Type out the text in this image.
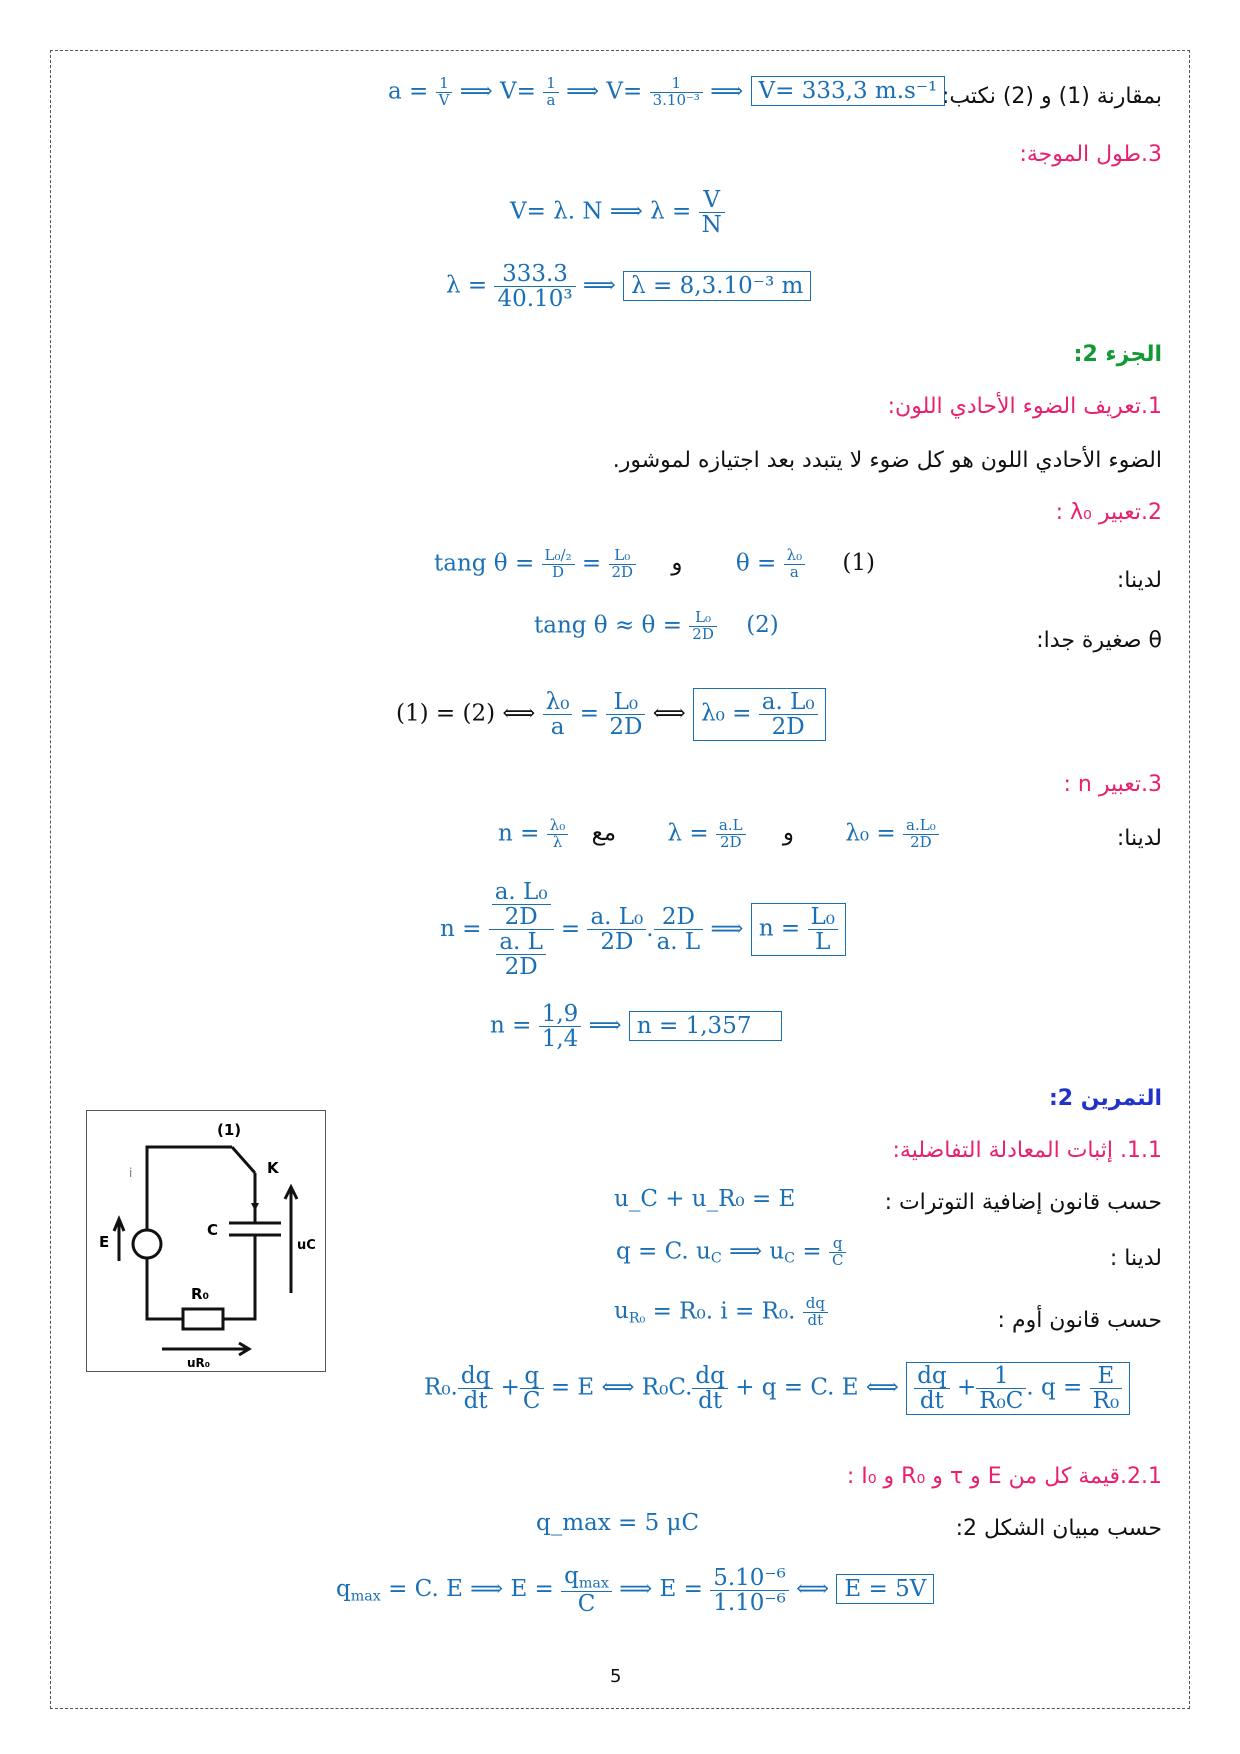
بمقارنة (1) و (2) نكتب:
$a = \frac{1}{V}$ ⟹ $V= \frac{1}{a}$ ⟹ $V= \frac{1}{\text{3.10⁻³}}$ ⟹ V= 333,3 m.s⁻¹
3.طول الموجة:
V= λ. N ⟹ $\lambda = \frac{V}{N}$
$\lambda = \frac{333.3}{\text{40.10³}}$ ⟹ λ = 8,3.10⁻³ m
الجزء 2:
1.تعريف الضوء الأحادي اللون:
الضوء الأحادي اللون هو كل ضوء لا يتبدد بعد اجتيازه لموشور.
2.تعبير λ₀ :
لدينا:
tang $\theta = \frac{\text{L₀/₂}}{D} = \frac{\text{L₀}}{2D}$ و $\theta = \frac{\text{λ₀}}{a} (1)$
θ صغيرة جدا:
tang $\theta \approx \theta = \frac{\text{L₀}}{2D} (2)$
(1) = (2) ⟺ $\frac{\text{λ₀}}{a} = \frac{\text{L₀}}{2D}$ ⟺ $\lambda_0 = \frac{\text{a. L₀}}{2D}$
3.تعبير n :
لدينا:
$n = \frac{\text{λ₀}}{\lambda}$ مع $\lambda = \frac{a.L}{2D}$ و $\lambda_0 = \frac{\text{a.L₀}}{2D}$
$n = \frac{\frac{\text{a. L₀}}{2D}}{\frac{a. L}{2D}} = \frac{\text{a. L₀}}{2D}$ . $\frac{2D}{a. L}$ ⟹ $n = \frac{\text{L₀}}{L}$
$n = \frac{1,9}{1,4}$ ⟹ n = 1,357
التمرين 2:
1.1. إثبات المعادلة التفاضلية:
حسب قانون إضافية التوترات :
u_C + u_R₀ = E
لدينا :
q = C. $u_C$ ⟹ $u_C = \frac{q}{C}$
حسب قانون أوم :
$u_{R_0} = R_0$. i = R₀. $\frac{dq}{dt}$
R₀. $\frac{dq}{dt} + \frac{q}{C} = E$ ⟺ R₀C. $\frac{dq}{dt} + q = C$. E ⟺ $\frac{dq}{dt} + \frac{1}{\text{R₀C}}$ . $q = \frac{E}{\text{R₀}}$
2.1.قيمة كل من E و τ و R₀ و I₀ :
حسب مبيان الشكل 2:
q_max = 5 μC
$q_{max} = C$. E ⟹ E =
$q_{max}$
C
⟹ $E = \frac{\text{5.10⁻⁶}}{\text{1.10⁻⁶}}$ ⟺ E = 5V
(1)
K
i
E
C
uC
R₀
uR₀
5
